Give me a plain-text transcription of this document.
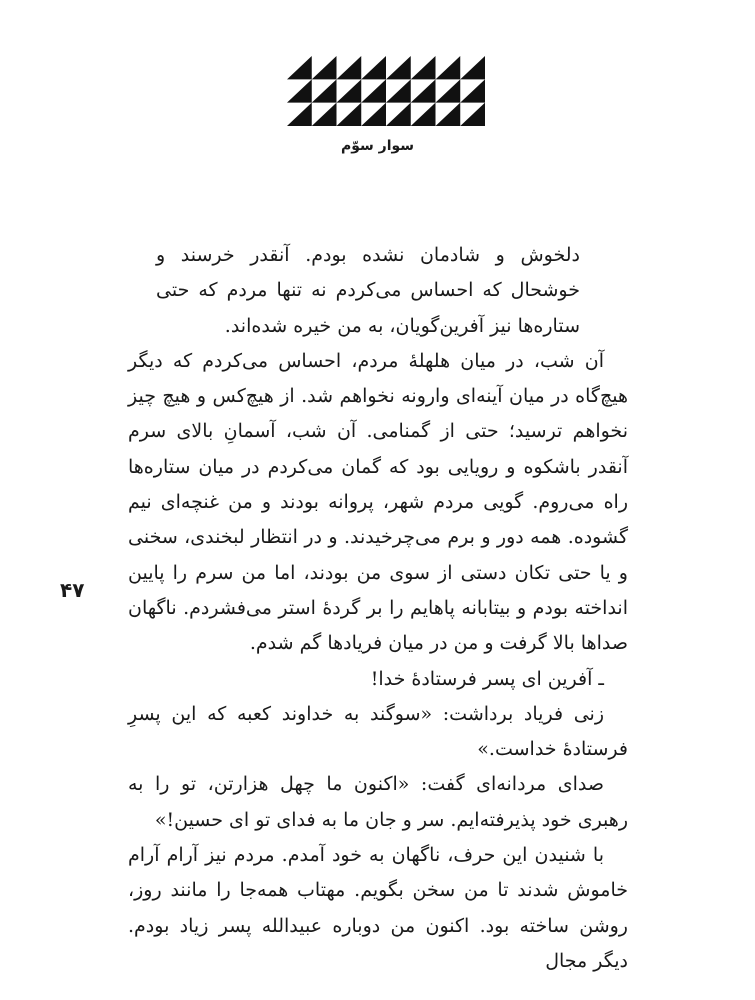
سوار سوّم
۴۷

دلخوش و شادمان نشده بودم. آنقدر خرسند و خوشحال که احساس می‌کردم نه تنها مردم که حتی ستاره‌ها نیز آفرین‌گویان، به من خیره شده‌اند.

آن شب، در میان هلهلهٔ مردم، احساس می‌کردم که دیگر هیچ‌گاه در میان آینه‌ای وارونه نخواهم شد. از هیچ‌کس و هیچ چیز نخواهم ترسید؛ حتی از گمنامی. آن شب، آسمانِ بالای سرم آنقدر باشکوه و رویایی بود که گمان می‌کردم در میان ستاره‌ها راه می‌روم. گویی مردم شهر، پروانه بودند و من غنچه‌ای نیم گشوده. همه دور و برم می‌چرخیدند. و در انتظار لبخندی، سخنی و یا حتی تکان دستی از سوی من بودند، اما من سرم را پایین انداخته بودم و بیتابانه پاهایم را بر گردهٔ استر می‌فشردم. ناگهان صداها بالا گرفت و من در میان فریادها گم شدم.

ـ آفرین ای پسر فرستادهٔ خدا!

زنی فریاد برداشت: «سوگند به خداوند کعبه که این پسرِ فرستادهٔ خداست.»

صدای مردانه‌ای گفت: «اکنون ما چهل هزارتن، تو را به رهبری خود پذیرفته‌ایم. سر و جان ما به فدای تو ای حسین!»

با شنیدن این حرف، ناگهان به خود آمدم. مردم نیز آرام آرام خاموش شدند تا من سخن بگویم. مهتاب همه‌جا را مانند روز، روشن ساخته بود. اکنون من دوباره عبیدالله پسر زیاد بودم. دیگر مجال
